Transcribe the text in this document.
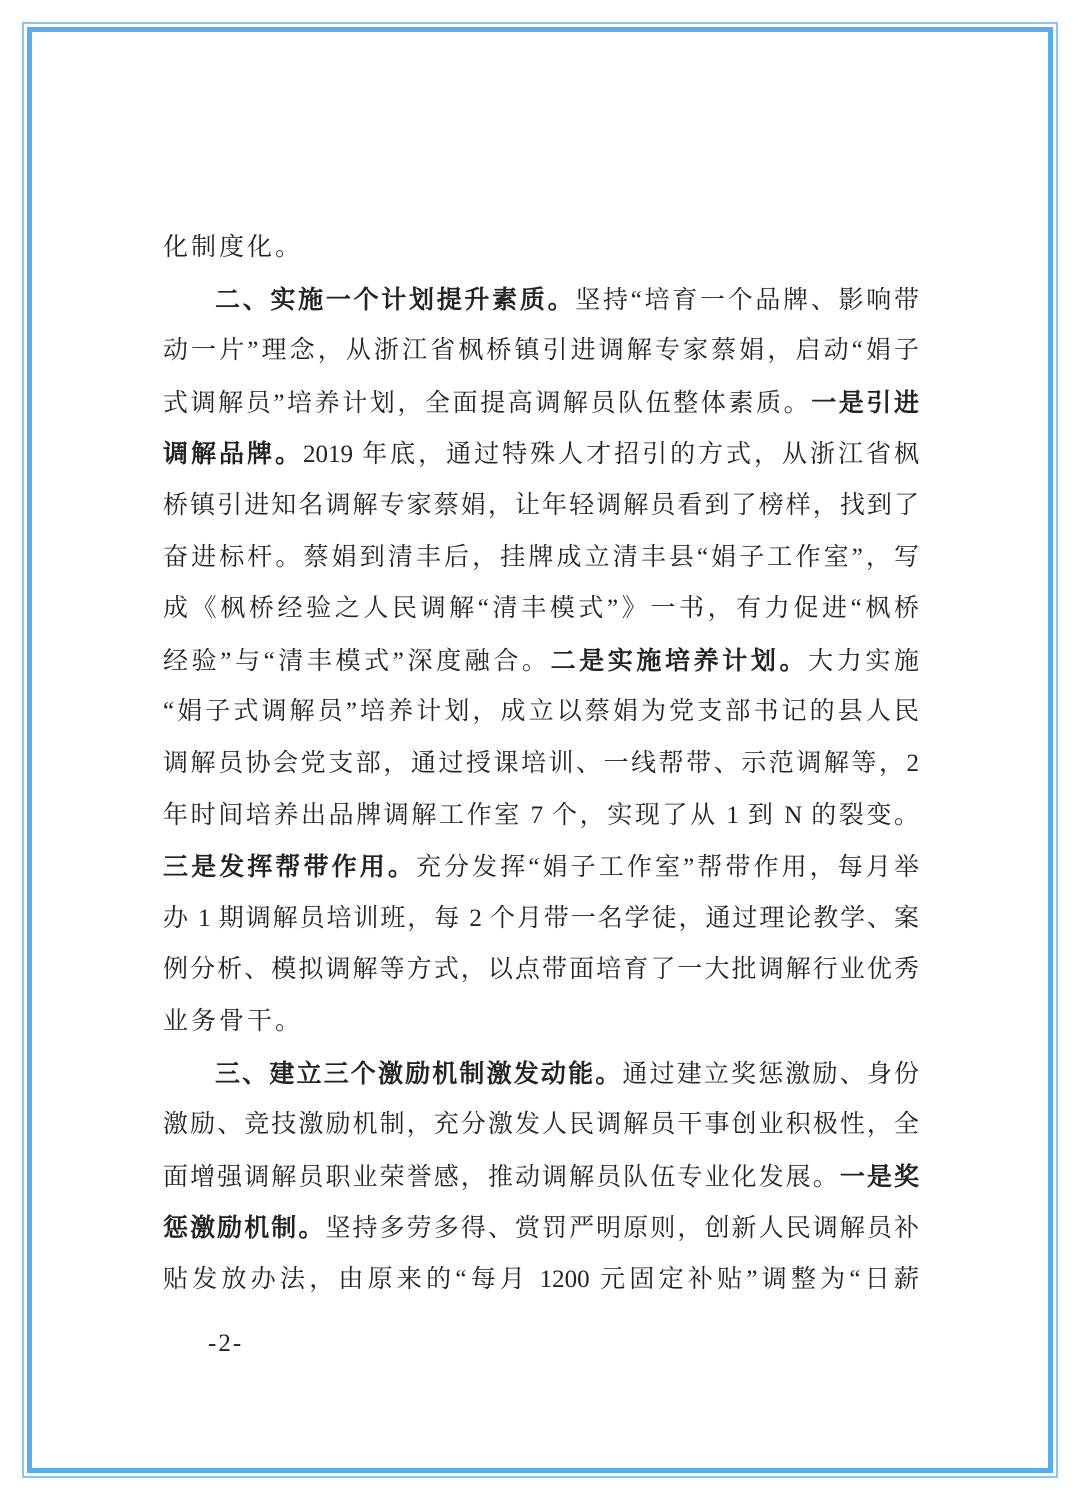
化制度化。
二、实施一个计划提升素质。坚持“培育一个品牌、影响带
动一片”理念，从浙江省枫桥镇引进调解专家蔡娟，启动“娟子
式调解员”培养计划，全面提高调解员队伍整体素质。一是引进
调解品牌。2019 年底，通过特殊人才招引的方式，从浙江省枫
桥镇引进知名调解专家蔡娟，让年轻调解员看到了榜样，找到了
奋进标杆。蔡娟到清丰后，挂牌成立清丰县“娟子工作室”，写
成《枫桥经验之人民调解“清丰模式”》一书，有力促进“枫桥
经验”与“清丰模式”深度融合。二是实施培养计划。大力实施
“娟子式调解员”培养计划，成立以蔡娟为党支部书记的县人民
调解员协会党支部，通过授课培训、一线帮带、示范调解等，2
年时间培养出品牌调解工作室 7 个，实现了从 1 到 N 的裂变。
三是发挥帮带作用。充分发挥“娟子工作室”帮带作用，每月举
办 1 期调解员培训班，每 2 个月带一名学徒，通过理论教学、案
例分析、模拟调解等方式，以点带面培育了一大批调解行业优秀
业务骨干。
三、建立三个激励机制激发动能。通过建立奖惩激励、身份
激励、竞技激励机制，充分激发人民调解员干事创业积极性，全
面增强调解员职业荣誉感，推动调解员队伍专业化发展。一是奖
惩激励机制。坚持多劳多得、赏罚严明原则，创新人民调解员补
贴发放办法，由原来的“每月 1200 元固定补贴”调整为“日薪
-2-
